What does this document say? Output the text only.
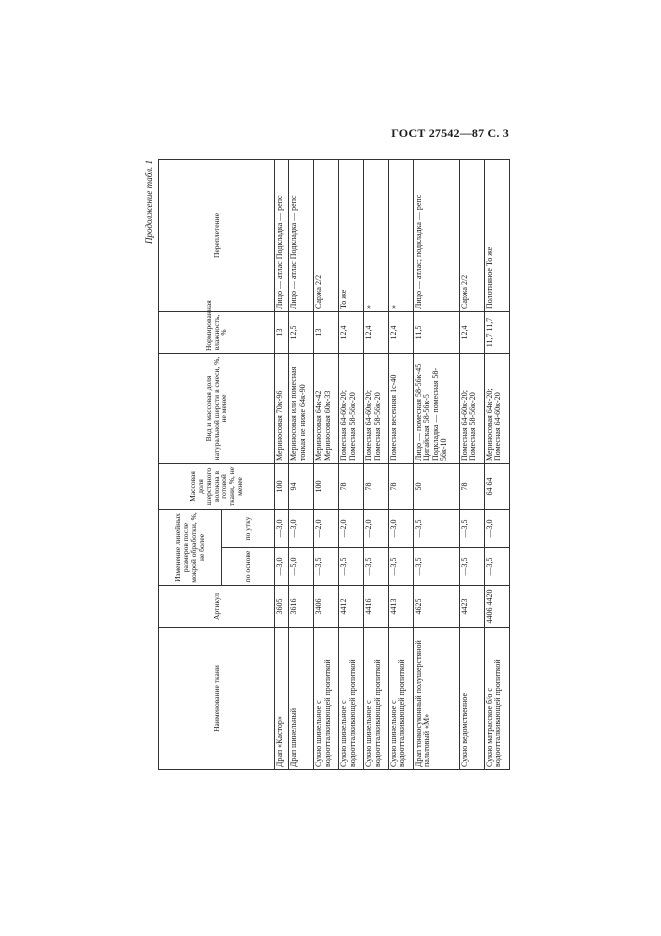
ГОСТ 27542—87 С. 3
Продолжение табл. 1
Наименование ткани	Артикул	Изменение линейных размеров после мокрой обработки, %, не более		Массовая доля шерстяного волокна в готовой ткани, %, не менее	Вид и массовая доля натуральной шерсти в смеси, %, не менее	Нормированная влажность, %	Переплетение
		по основе	по утку				
Драп «Кастор»	3605	—3,0	—3,0	100	Мериносовая 70к-96	13	Лицо — атлас Подкладка — репс
Драп шинельный	3616	—5,0	—3,0	94	Мериносовая или помесная тонкая не ниже 64к-90	12,5	Лицо — атлас Подкладка — репс
Сукно шинельное с водоотталкивающей пропиткой	3406	—3,5	—2,0	100	Мериносовая 64к-42 Мериносовая 60к-33	13	Саржа 2/2
Сукно шинельное с водоотталкивающей пропиткой	4412	—3,5	—2,0	78	Помесная 64-60к-20; Помесная 58-56к-20	12,4	То же
Сукно шинельное с водоотталкивающей пропиткой	4416	—3,5	—2,0	78	Помесная 64-60к-20; Помесная 58-56к-20	12,4	»
Сукно шинельное с водоотталкивающей пропиткой	4413	—3,5	—3,0	78	Помесная весенняя 1с-40	12,4	»
Драп тонкосуконный полушерстяной пальтовый «М»	4625	—3,5	—3,5	50	Лицо — помесная 58-56к-45 Цигайская 58-56к-5 Подкладка — помесная 58-56к-10	11,5	Лицо — атлас; подкладка — репс
Сукно ведомственное	4423	—3,5	—3,5	78	Помесная 64-60к-20; Помесная 58-56к-20	12,4	Саржа 2/2
Сукно матрасское б/о с водоотталкивающей пропиткой	4406 4420	—3,5	—3,0	64 64	Мериносовая 64к-20; Помесная 64-60к-20	11,7 11,7	Полотняное То же
